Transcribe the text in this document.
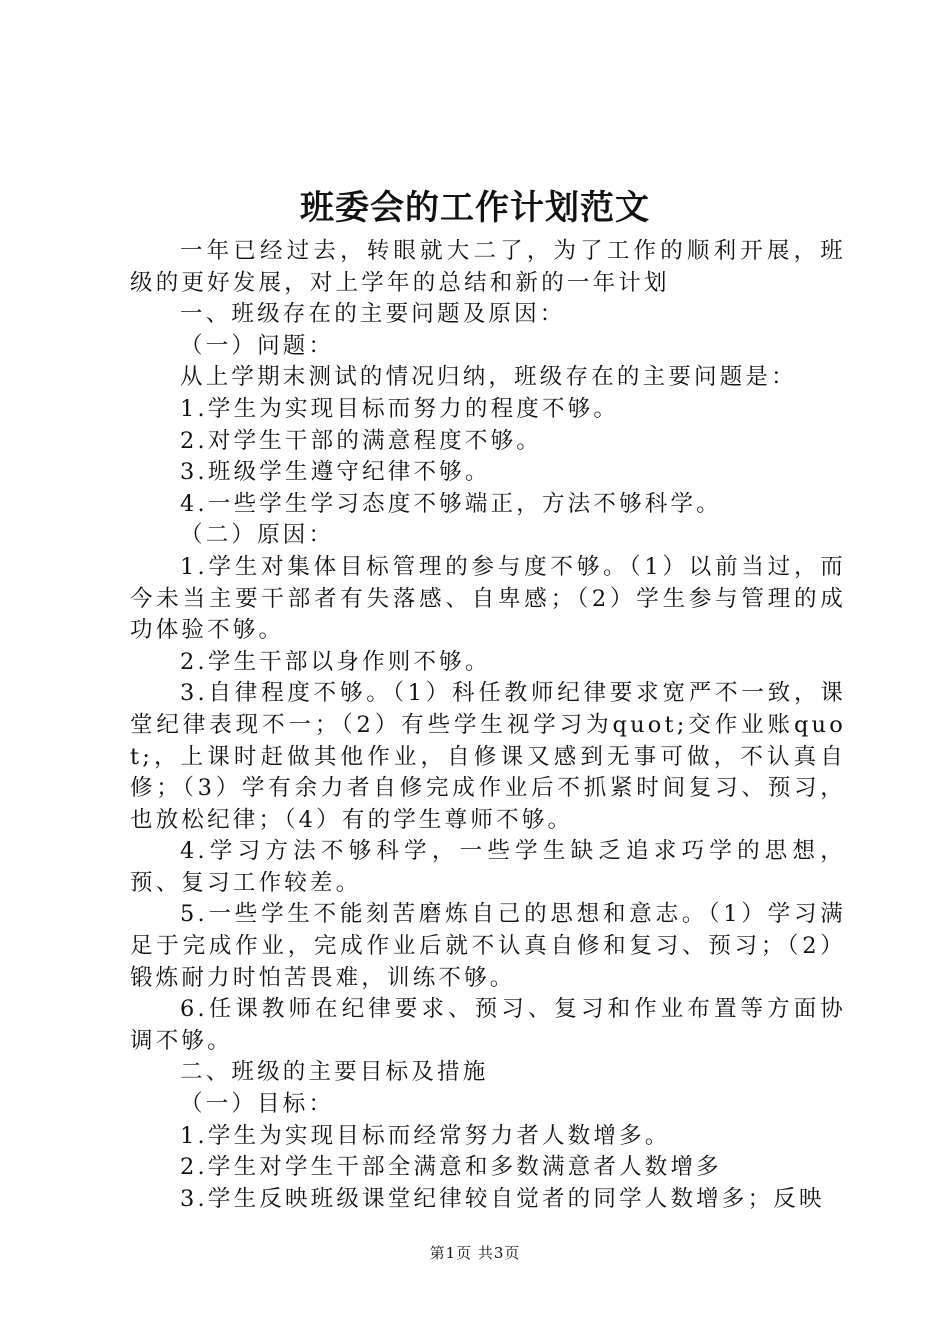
班委会的工作计划范文

一年已经过去，转眼就大二了，为了工作的顺利开展，班级的更好发展，对上学年的总结和新的一年计划

一、班级存在的主要问题及原因：

（一）问题：

从上学期末测试的情况归纳，班级存在的主要问题是：

1.学生为实现目标而努力的程度不够。

2.对学生干部的满意程度不够。

3.班级学生遵守纪律不够。

4.一些学生学习态度不够端正，方法不够科学。

（二）原因：

1.学生对集体目标管理的参与度不够。（1）以前当过，而今未当主要干部者有失落感、自卑感；（2）学生参与管理的成功体验不够。

2.学生干部以身作则不够。

3.自律程度不够。（1）科任教师纪律要求宽严不一致，课堂纪律表现不一；（2）有些学生视学习为quot;交作业账quot;，上课时赶做其他作业，自修课又感到无事可做，不认真自修；（3）学有余力者自修完成作业后不抓紧时间复习、预习，也放松纪律；（4）有的学生尊师不够。

4.学习方法不够科学，一些学生缺乏追求巧学的思想，预、复习工作较差。

5.一些学生不能刻苦磨炼自己的思想和意志。（1）学习满足于完成作业，完成作业后就不认真自修和复习、预习；（2）锻炼耐力时怕苦畏难，训练不够。

6.任课教师在纪律要求、预习、复习和作业布置等方面协调不够。

二、班级的主要目标及措施

（一）目标：

1.学生为实现目标而经常努力者人数增多。

2.学生对学生干部全满意和多数满意者人数增多

3.学生反映班级课堂纪律较自觉者的同学人数增多；反映

第1页 共3页
